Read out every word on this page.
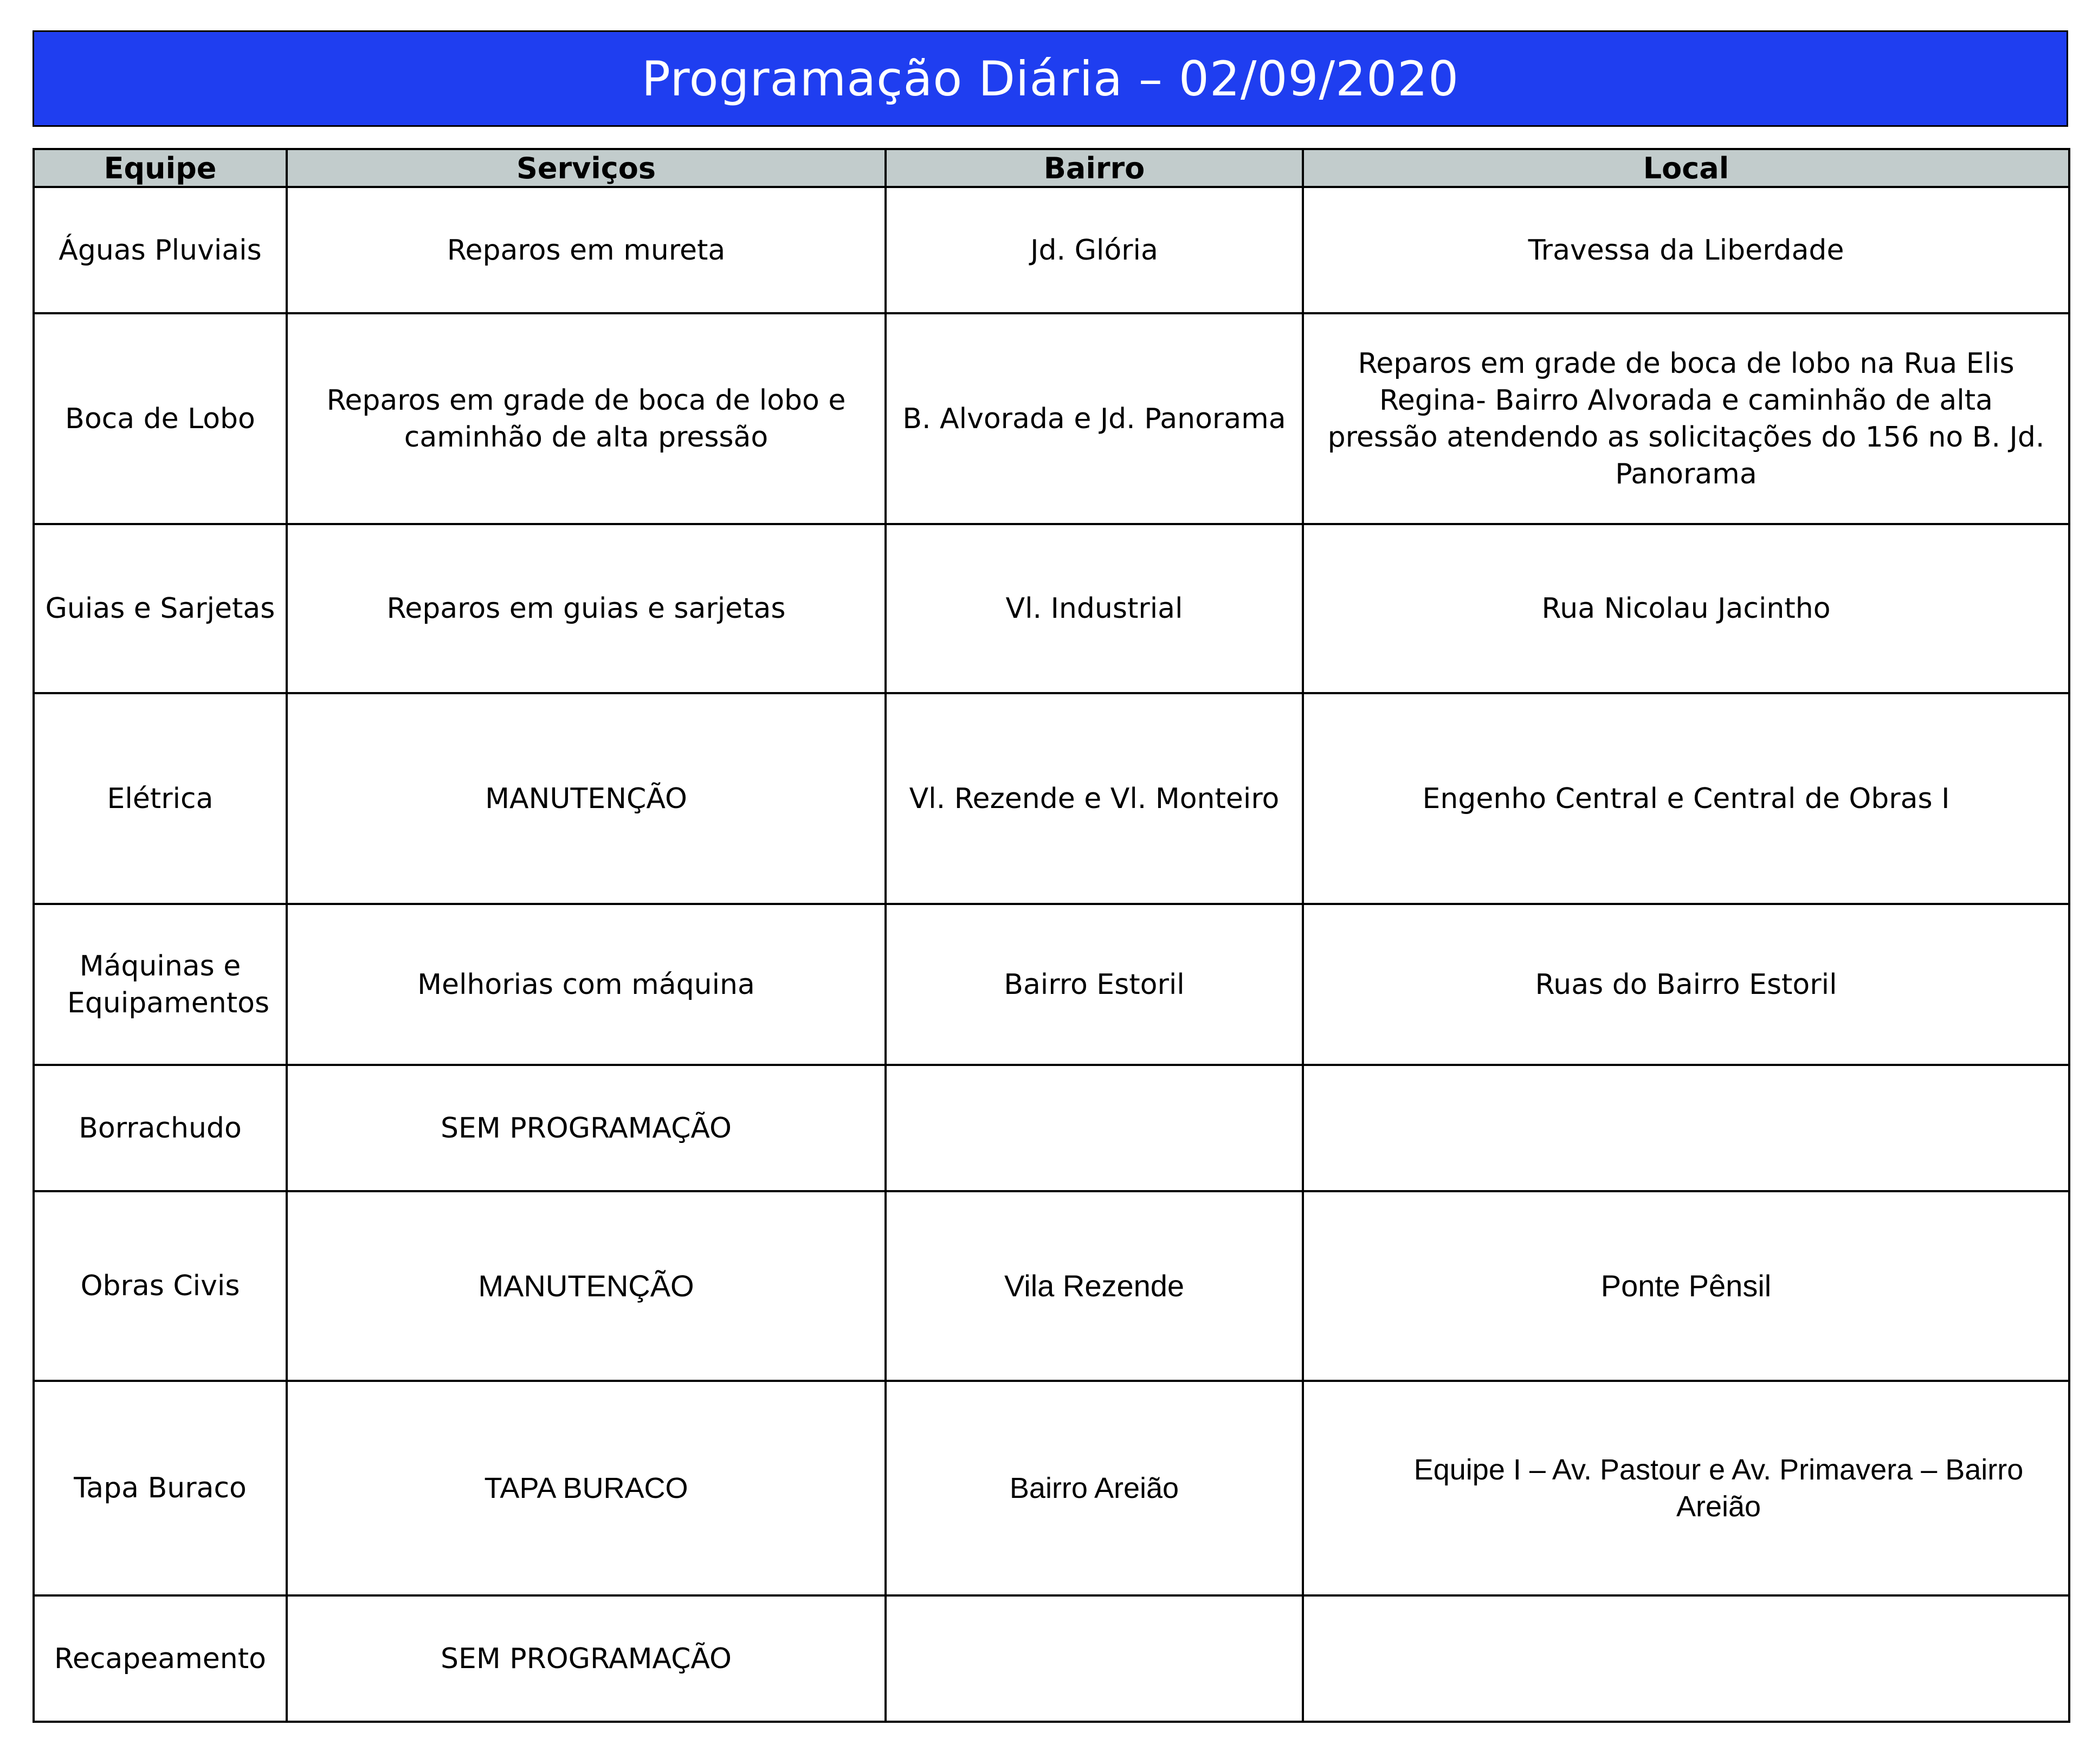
Programação Diária – 02/09/2020
Equipe	Serviços	Bairro	Local
Águas Pluviais	Reparos em mureta	Jd. Glória	Travessa da Liberdade
Boca de Lobo	Reparos em grade de boca de lobo e caminhão de alta pressão	B. Alvorada e Jd. Panorama	Reparos em grade de boca de lobo na Rua Elis Regina- Bairro Alvorada e caminhão de alta pressão atendendo as solicitações do 156 no B. Jd. Panorama
Guias e Sarjetas	Reparos em guias e sarjetas	Vl. Industrial	Rua Nicolau Jacintho
Elétrica	MANUTENÇÃO	Vl. Rezende e Vl. Monteiro	Engenho Central e Central de Obras I
Máquinas e Equipamentos	Melhorias com máquina	Bairro Estoril	Ruas do Bairro Estoril
Borrachudo	SEM PROGRAMAÇÃO		
Obras Civis	MANUTENÇÃO	Vila Rezende	Ponte Pênsil
Tapa Buraco	TAPA BURACO	Bairro Areião	Equipe I – Av. Pastour e Av. Primavera – Bairro Areião
Recapeamento	SEM PROGRAMAÇÃO		
